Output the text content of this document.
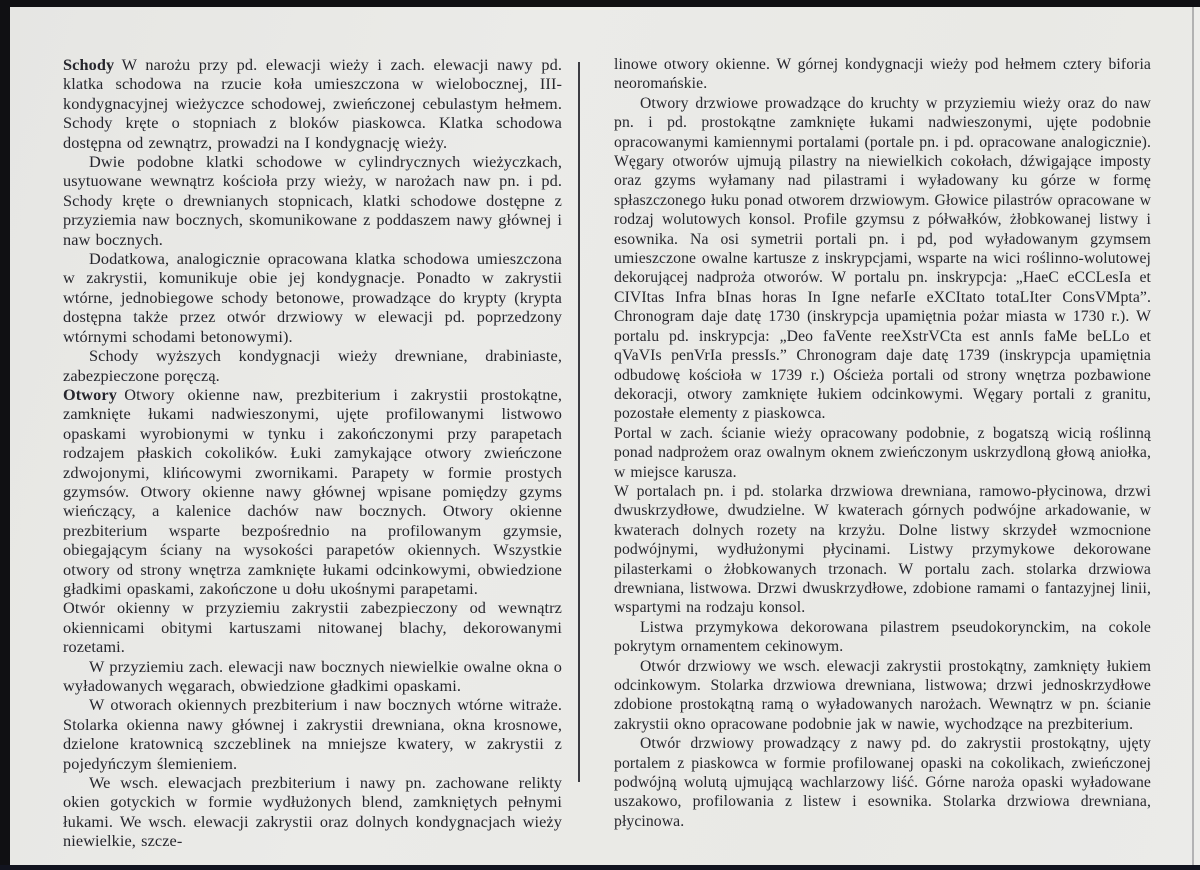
Schody W narożu przy pd. elewacji wieży i zach. elewacji nawy pd. klatka schodowa na rzucie koła umieszczona w wielobocznej, III-kondygnacyjnej wieżyczce schodowej, zwieńczonej cebulastym hełmem. Schody kręte o stopniach z bloków piaskowca. Klatka schodowa dostępna od zewnątrz, prowadzi na I kondygnację wieży.

Dwie podobne klatki schodowe w cylindrycznych wieżyczkach, usytuowane wewnątrz kościoła przy wieży, w narożach naw pn. i pd. Schody kręte o drewnianych stopnicach, klatki schodowe dostępne z przyziemia naw bocznych, skomunikowane z poddaszem nawy głównej i naw bocznych.

Dodatkowa, analogicznie opracowana klatka schodowa umieszczona w zakrystii, komunikuje obie jej kondygnacje. Ponadto w zakrystii wtórne, jednobiegowe schody betonowe, prowadzące do krypty (krypta dostępna także przez otwór drzwiowy w elewacji pd. poprzedzony wtórnymi schodami betonowymi).

Schody wyższych kondygnacji wieży drewniane, drabiniaste, zabezpieczone poręczą.

Otwory Otwory okienne naw, prezbiterium i zakrystii prostokątne, zamknięte łukami nadwieszonymi, ujęte profilowanymi listwowo opaskami wyrobionymi w tynku i zakończonymi przy parapetach rodzajem płaskich cokolików. Łuki zamykające otwory zwieńczone zdwojonymi, klińcowymi zwornikami. Parapety w formie prostych gzymsów. Otwory okienne nawy głównej wpisane pomiędzy gzyms wieńczący, a kalenice dachów naw bocznych. Otwory okienne prezbiterium wsparte bezpośrednio na profilowanym gzymsie, obiegającym ściany na wysokości parapetów okiennych. Wszystkie otwory od strony wnętrza zamknięte łukami odcinkowymi, obwiedzione gładkimi opaskami, zakończone u dołu ukośnymi parapetami.

Otwór okienny w przyziemiu zakrystii zabezpieczony od wewnątrz okiennicami obitymi kartuszami nitowanej blachy, dekorowanymi rozetami.

W przyziemiu zach. elewacji naw bocznych niewielkie owalne okna o wyładowanych węgarach, obwiedzione gładkimi opaskami.

W otworach okiennych prezbiterium i naw bocznych wtórne witraże. Stolarka okienna nawy głównej i zakrystii drewniana, okna krosnowe, dzielone kratownicą szczeblinek na mniejsze kwatery, w zakrystii z pojedyńczym ślemieniem.

We wsch. elewacjach prezbiterium i nawy pn. zachowane relikty okien gotyckich w formie wydłużonych blend, zamkniętych pełnymi łukami. We wsch. elewacji zakrystii oraz dolnych kondygnacjach wieży niewielkie, szcze-

linowe otwory okienne. W górnej kondygnacji wieży pod hełmem cztery biforia neoromańskie.

Otwory drzwiowe prowadzące do kruchty w przyziemiu wieży oraz do naw pn. i pd. prostokątne zamknięte łukami nadwieszonymi, ujęte podobnie opracowanymi kamiennymi portalami (portale pn. i pd. opracowane analogicznie). Węgary otworów ujmują pilastry na niewielkich cokołach, dźwigające imposty oraz gzyms wyłamany nad pilastrami i wyładowany ku górze w formę spłaszczonego łuku ponad otworem drzwiowym. Głowice pilastrów opracowane w rodzaj wolutowych konsol. Profile gzymsu z półwałków, żłobkowanej listwy i esownika. Na osi symetrii portali pn. i pd, pod wyładowanym gzymsem umieszczone owalne kartusze z inskrypcjami, wsparte na wici roślinno-wolutowej dekorującej nadproża otworów. W portalu pn. inskrypcja: „HaeC eCCLesIa et CIVItas Infra bInas horas In Igne nefarIe eXCItato totaLIter ConsVMpta”. Chronogram daje datę 1730 (inskrypcja upamiętnia pożar miasta w 1730 r.). W portalu pd. inskrypcja: „Deo faVente reeXstrVCta est annIs faMe beLLo et qVaVIs penVrIa pressIs.” Chronogram daje datę 1739 (inskrypcja upamiętnia odbudowę kościoła w 1739 r.) Ościeża portali od strony wnętrza pozbawione dekoracji, otwory zamknięte łukiem odcinkowymi. Węgary portali z granitu, pozostałe elementy z piaskowca.

Portal w zach. ścianie wieży opracowany podobnie, z bogatszą wicią roślinną ponad nadprożem oraz owalnym oknem zwieńczonym uskrzydloną głową aniołka, w miejsce karusza.

W portalach pn. i pd. stolarka drzwiowa drewniana, ramowo-płycinowa, drzwi dwuskrzydłowe, dwudzielne. W kwaterach górnych podwójne arkadowanie, w kwaterach dolnych rozety na krzyżu. Dolne listwy skrzydeł wzmocnione podwójnymi, wydłużonymi płycinami. Listwy przymykowe dekorowane pilasterkami o żłobkowanych trzonach. W portalu zach. stolarka drzwiowa drewniana, listwowa. Drzwi dwuskrzydłowe, zdobione ramami o fantazyjnej linii, wspartymi na rodzaju konsol.

Listwa przymykowa dekorowana pilastrem pseudokorynckim, na cokole pokrytym ornamentem cekinowym.

Otwór drzwiowy we wsch. elewacji zakrystii prostokątny, zamknięty łukiem odcinkowym. Stolarka drzwiowa drewniana, listwowa; drzwi jednoskrzydłowe zdobione prostokątną ramą o wyładowanych narożach. Wewnątrz w pn. ścianie zakrystii okno opracowane podobnie jak w nawie, wychodzące na prezbiterium.

Otwór drzwiowy prowadzący z nawy pd. do zakrystii prostokątny, ujęty portalem z piaskowca w formie profilowanej opaski na cokolikach, zwieńczonej podwójną wolutą ujmującą wachlarzowy liść. Górne naroża opaski wyładowane uszakowo, profilowania z listew i esownika. Stolarka drzwiowa drewniana, płycinowa.
